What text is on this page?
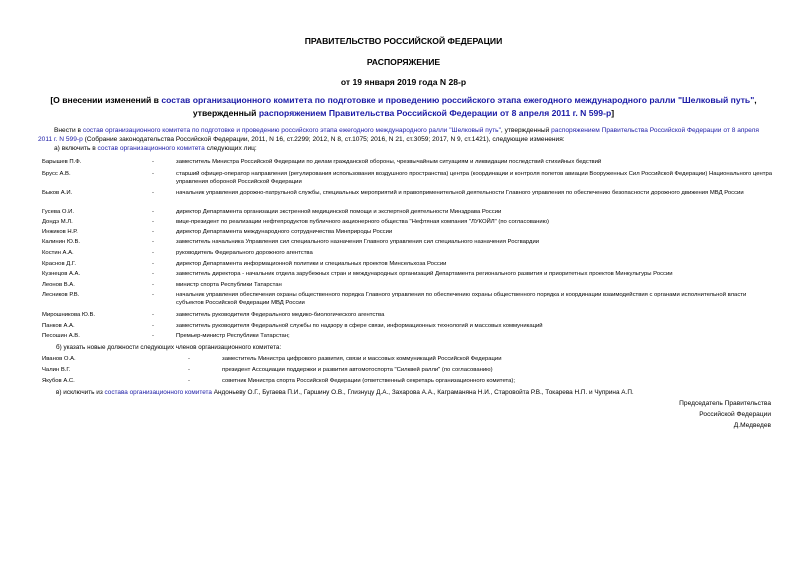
ПРАВИТЕЛЬСТВО РОССИЙСКОЙ ФЕДЕРАЦИИ
РАСПОРЯЖЕНИЕ
от 19 января 2019 года N 28-р
[О внесении изменений в состав организационного комитета по подготовке и проведению российского этапа ежегодного международного ралли "Шелковый путь", утвержденный распоряжением Правительства Российской Федерации от 8 апреля 2011 г. N 599-р]

Внести в состав организационного комитета по подготовке и проведению российского этапа ежегодного международного ралли "Шелковый путь", утвержденный распоряжением Правительства Российской Федерации от 8 апреля 2011 г. N 599-р (Собрание законодательства Российской Федерации, 2011, N 16, ст.2299; 2012, N 8, ст.1075; 2016, N 21, ст.3059; 2017, N 9, ст.1421), следующие изменения:

а) включить в состав организационного комитета следующих лиц:

Барышев П.Ф.	-	заместитель Министра Российской Федерации по делам гражданской обороны, чрезвычайным ситуациям и ликвидации последствий стихийных бедствий
Брусс А.В.	-	старший офицер-оператор направления (регулирования использования воздушного пространства) центра (координации и контроля полетов авиации Вооруженных Сил Российской Федерации) Национального центра управления обороной Российской Федерации
Быков А.И.	-	начальник управления дорожно-патрульной службы, специальных мероприятий и правоприменительной деятельности Главного управления по обеспечению безопасности дорожного движения МВД России
Гусева О.И.	-	директор Департамента организации экстренной медицинской помощи и экспертной деятельности Минздрава России
Дондэ М.Л.	-	вице-президент по реализации нефтепродуктов публичного акционерного общества "Нефтяная компания "ЛУКОЙЛ" (по согласованию)
Инжиков Н.Р.	-	директор Департамента международного сотрудничества Минприроды России
Калинин Ю.В.	-	заместитель начальника Управления сил специального назначения Главного управления сил специального назначения Росгвардии
Костин А.А.	-	руководитель Федерального дорожного агентства
Краснов Д.Г.	-	директор Департамента информационной политики и специальных проектов Минсельхоза России
Кузнецов А.А.	-	заместитель директора - начальник отдела зарубежных стран и международных организаций Департамента регионального развития и приоритетных проектов Минкультуры России
Леонов В.А.	-	министр спорта Республики Татарстан
Лесников Р.В.	-	начальник управления обеспечения охраны общественного порядка Главного управления по обеспечению охраны общественного порядка и координации взаимодействия с органами исполнительной власти субъектов Российской Федерации МВД России
Мирошникова Ю.В.	-	заместитель руководителя Федерального медико-биологического агентства
Панков А.А.	-	заместитель руководителя Федеральной службы по надзору в сфере связи, информационных технологий и массовых коммуникаций
Песошин А.В.	-	Премьер-министр Республики Татарстан;
б) указать новые должности следующих членов организационного комитета:
Иванов О.А.	-	заместитель Министра цифрового развития, связи и массовых коммуникаций Российской Федерации
Чалин В.Г.	-	президент Ассоциации поддержки и развития автомотоспорта "Силквей ралли" (по согласованию)
Якубов А.С.	-	советник Министра спорта Российской Федерации (ответственный секретарь организационного комитета);
в) исключить из состава организационного комитета Андоньеву О.Г., Бугаева П.И., Гаршину О.В., Глизнуцу Д.А., Захарова А.А., Каграманяна Н.И., Старовойта Р.В., Токарева Н.П. и Чуприна А.П.
Председатель Правительства
Российской Федерации
Д.Медведев
